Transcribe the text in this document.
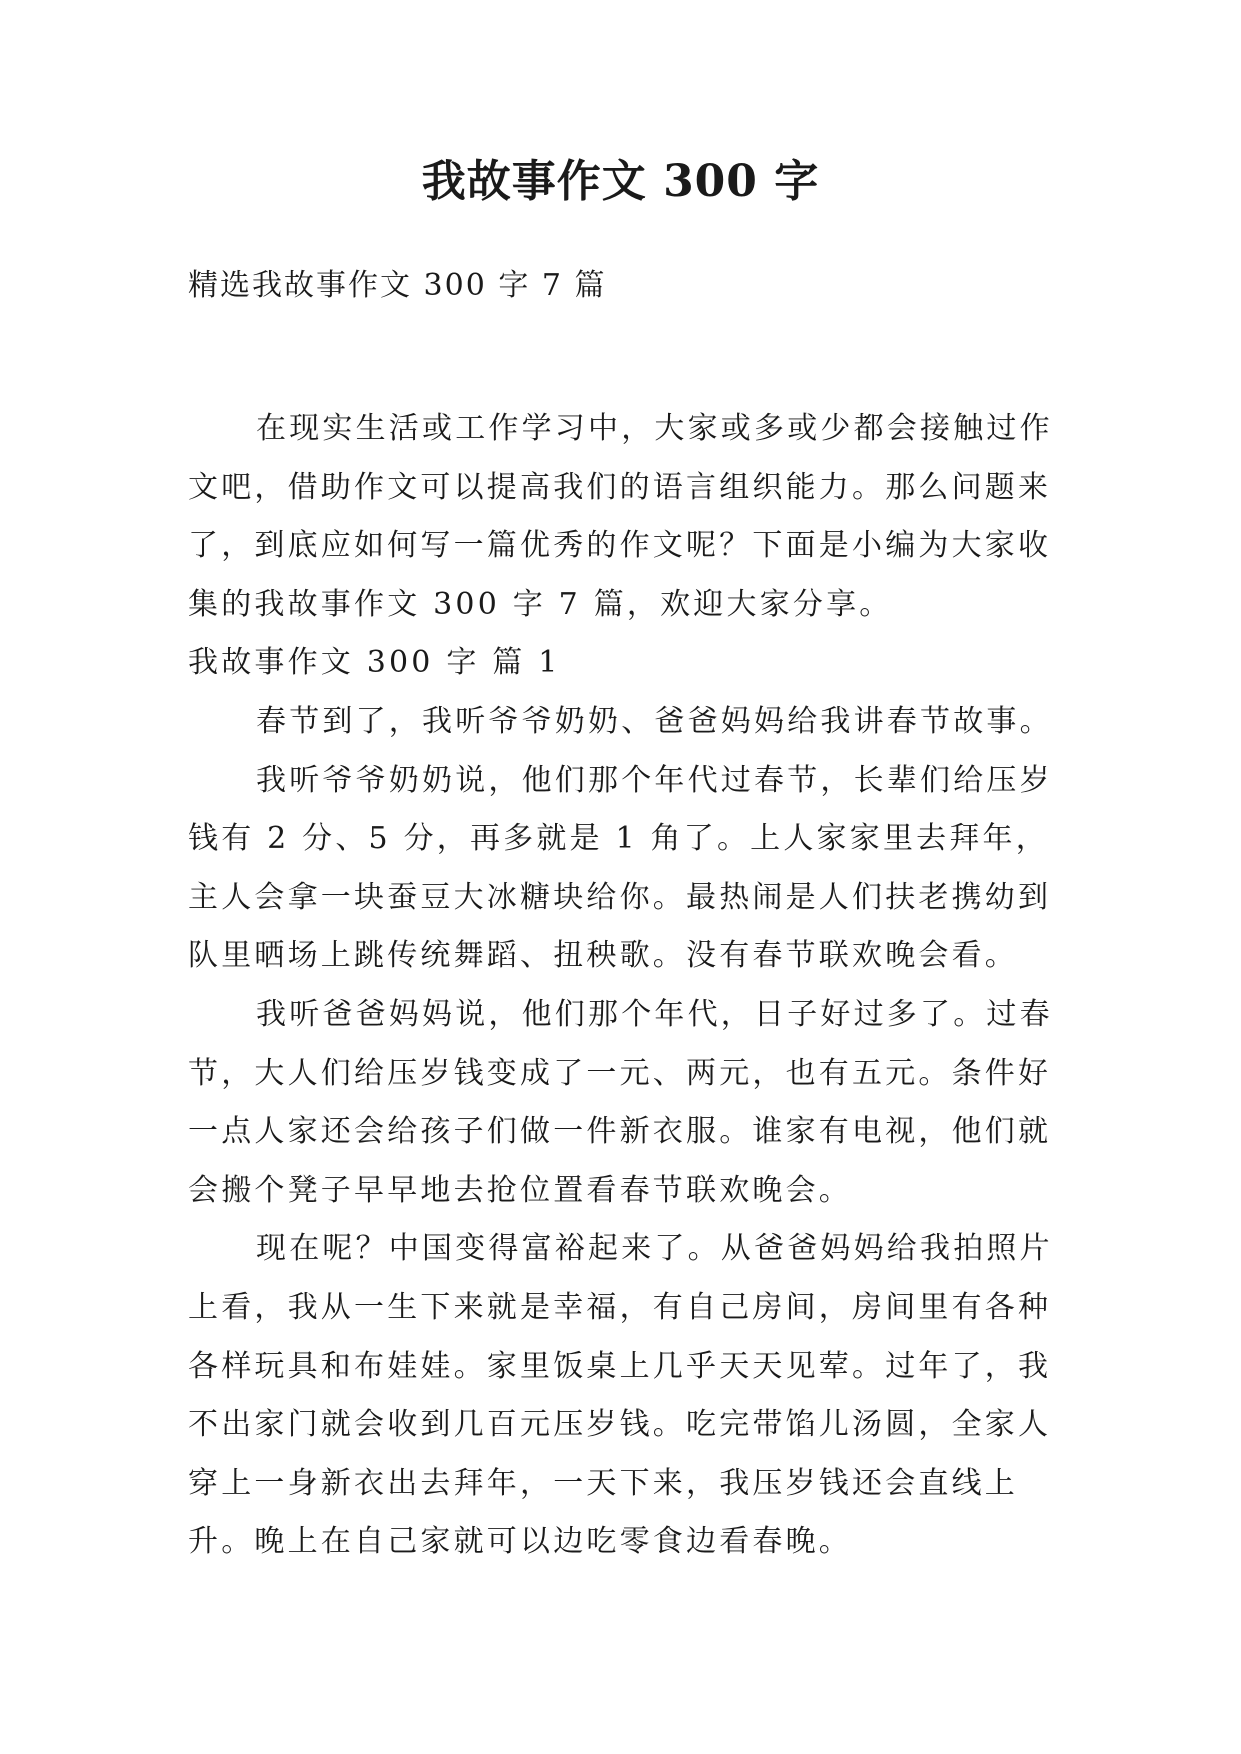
我故事作文 300 字

精选我故事作文 300 字 7 篇

在现实生活或工作学习中，大家或多或少都会接触过作文吧，借助作文可以提高我们的语言组织能力。那么问题来了，到底应如何写一篇优秀的作文呢？下面是小编为大家收集的我故事作文 300 字 7 篇，欢迎大家分享。

我故事作文 300 字 篇 1

春节到了，我听爷爷奶奶、爸爸妈妈给我讲春节故事。

我听爷爷奶奶说，他们那个年代过春节，长辈们给压岁钱有 2 分、5 分，再多就是 1 角了。上人家家里去拜年，主人会拿一块蚕豆大冰糖块给你。最热闹是人们扶老携幼到队里晒场上跳传统舞蹈、扭秧歌。没有春节联欢晚会看。

我听爸爸妈妈说，他们那个年代，日子好过多了。过春节，大人们给压岁钱变成了一元、两元，也有五元。条件好一点人家还会给孩子们做一件新衣服。谁家有电视，他们就会搬个凳子早早地去抢位置看春节联欢晚会。

现在呢？中国变得富裕起来了。从爸爸妈妈给我拍照片上看，我从一生下来就是幸福，有自己房间，房间里有各种各样玩具和布娃娃。家里饭桌上几乎天天见荤。过年了，我不出家门就会收到几百元压岁钱。吃完带馅儿汤圆，全家人穿上一身新衣出去拜年，一天下来，我压岁钱还会直线上升。晚上在自己家就可以边吃零食边看春晚。
